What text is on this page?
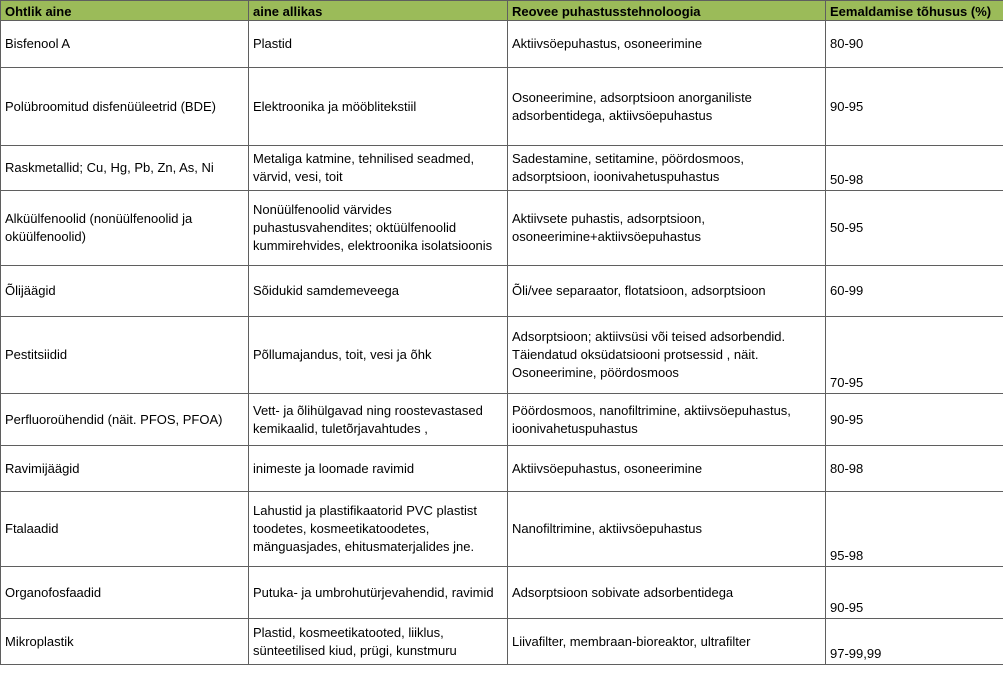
Ohtlik aine	aine allikas	Reovee puhastusstehnoloogia	Eemaldamise tõhusus (%)
Bisfenool A	Plastid	Aktiivsöepuhastus, osoneerimine	80-90
Polübroomitud disfenüüleetrid (BDE)	Elektroonika ja mööblitekstiil	Osoneerimine, adsorptsioon anorganiliste adsorbentidega, aktiivsöepuhastus	90-95
Raskmetallid; Cu, Hg, Pb, Zn, As, Ni	Metaliga katmine, tehnilised seadmed, värvid, vesi, toit	Sadestamine, setitamine, pöördosmoos, adsorptsioon, ioonivahetuspuhastus	50-98
Alküülfenoolid (nonüülfenoolid ja oküülfenoolid)	Nonüülfenoolid värvides puhastusvahendites; oktüülfenoolid kummirehvides, elektroonika isolatsioonis	Aktiivsete puhastis, adsorptsioon, osoneerimine+aktiivsöepuhastus	50-95
Õlijäägid	Sõidukid samdemeveega	Õli/vee separaator, flotatsioon, adsorptsioon	60-99
Pestitsiidid	Põllumajandus, toit, vesi ja õhk	Adsorptsioon; aktiivsüsi või teised adsorbendid. Täiendatud oksüdatsiooni protsessid , näit. Osoneerimine, pöördosmoos	70-95
Perfluoroühendid (näit. PFOS, PFOA)	Vett- ja õlihülgavad ning roostevastased kemikaalid, tuletõrjavahtudes ,	Pöördosmoos, nanofiltrimine, aktiivsöepuhastus, ioonivahetuspuhastus	90-95
Ravimijäägid	inimeste ja loomade ravimid	Aktiivsöepuhastus, osoneerimine	80-98
Ftalaadid	Lahustid ja plastifikaatorid PVC plastist toodetes, kosmeetikatoodetes, mänguasjades, ehitusmaterjalides jne.	Nanofiltrimine, aktiivsöepuhastus	95-98
Organofosfaadid	Putuka- ja umbrohutürjevahendid, ravimid	Adsorptsioon sobivate adsorbentidega	90-95
Mikroplastik	Plastid, kosmeetikatooted, liiklus, sünteetilised kiud, prügi, kunstmuru	Liivafilter, membraan-bioreaktor, ultrafilter	97-99,99
